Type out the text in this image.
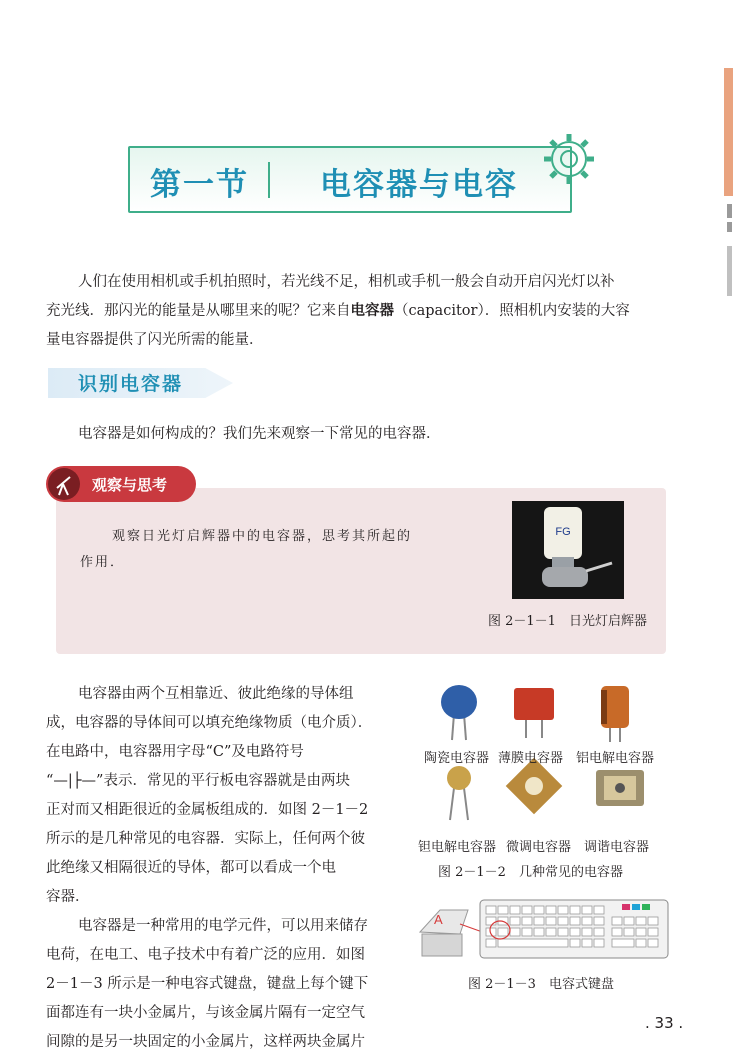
第一节 电容器与电容
人们在使用相机或手机拍照时，若光线不足，相机或手机一般会自动开启闪光灯以补
充光线．那闪光的能量是从哪里来的呢？它来自电容器（capacitor）．照相机内安装的大容
量电容器提供了闪光所需的能量．
识别电容器
电容器是如何构成的？我们先来观察一下常见的电容器．
观察与思考
观察日光灯启辉器中的电容器，思考其所起的
作用．
FG
图 2－1－1　日光灯启辉器
电容器由两个互相靠近、彼此绝缘的导体组
成，电容器的导体间可以填充绝缘物质（电介质）．
在电路中，电容器用字母“C”及电路符号
“—|├—”表示．常见的平行板电容器就是由两块
正对而又相距很近的金属板组成的．如图 2－1－2
所示的是几种常见的电容器．实际上，任何两个彼
此绝缘又相隔很近的导体，都可以看成一个电
容器．
电容器是一种常用的电学元件，可以用来储存
电荷，在电工、电子技术中有着广泛的应用．如图
2－1－3 所示是一种电容式键盘，键盘上每个键下
面都连有一块小金属片，与该金属片隔有一定空气
间隙的是另一块固定的小金属片，这样两块金属片
陶瓷电容器 薄膜电容器 铝电解电容器
钽电解电容器 微调电容器 调谐电容器
图 2－1－2　几种常见的电容器
A
图 2－1－3　电容式键盘
. 33 .
